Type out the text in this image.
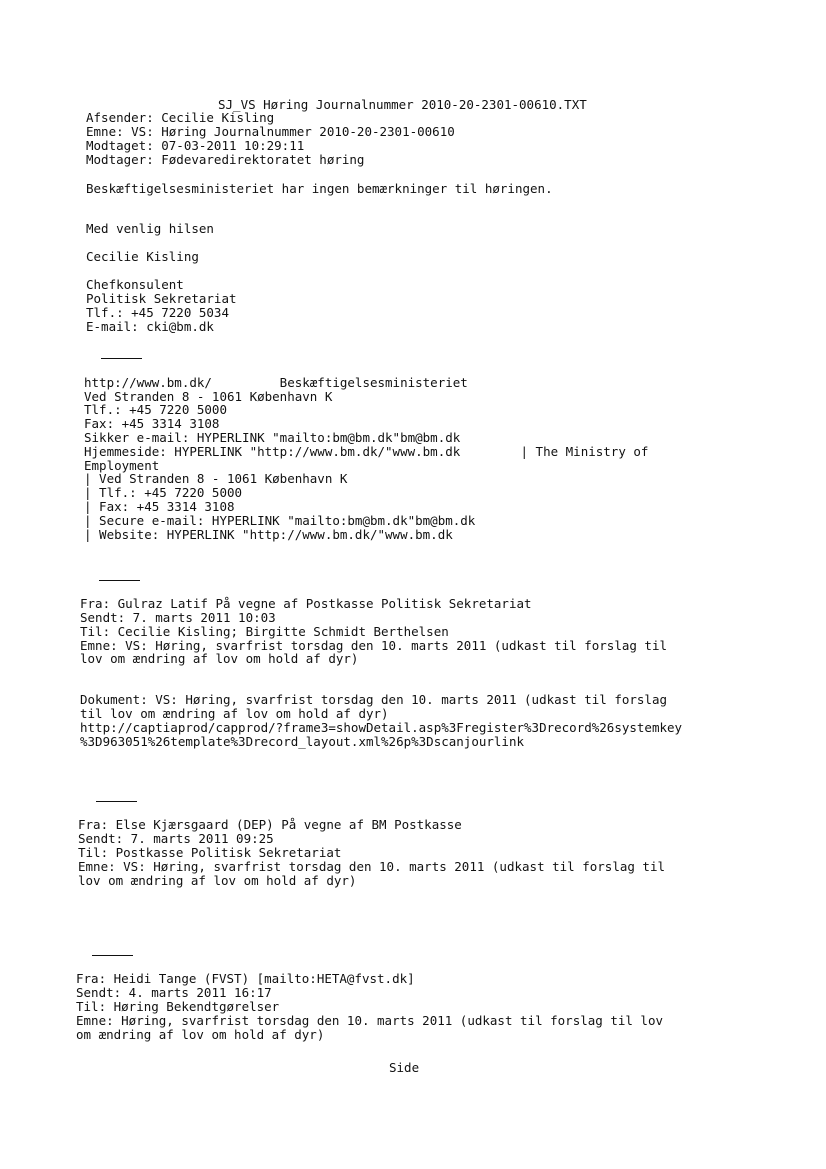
SJ_VS Høring Journalnummer 2010-20-2301-00610.TXT

Afsender: Cecilie Kisling

Emne: VS: Høring Journalnummer 2010-20-2301-00610

Modtaget: 07-03-2011 10:29:11

Modtager: Fødevaredirektoratet høring

Beskæftigelsesministeriet har ingen bemærkninger til høringen.

Med venlig hilsen

Cecilie Kisling

Chefkonsulent

Politisk Sekretariat

Tlf.: +45 7220 5034

E-mail: cki@bm.dk

http://www.bm.dk/         Beskæftigelsesministeriet

Ved Stranden 8 - 1061 København K

Tlf.: +45 7220 5000

Fax: +45 3314 3108

Sikker e-mail: HYPERLINK "mailto:bm@bm.dk"bm@bm.dk

Hjemmeside: HYPERLINK "http://www.bm.dk/"www.bm.dk        | The Ministry of

Employment

| Ved Stranden 8 - 1061 København K

| Tlf.: +45 7220 5000

| Fax: +45 3314 3108

| Secure e-mail: HYPERLINK "mailto:bm@bm.dk"bm@bm.dk

| Website: HYPERLINK "http://www.bm.dk/"www.bm.dk

Fra: Gulraz Latif På vegne af Postkasse Politisk Sekretariat

Sendt: 7. marts 2011 10:03

Til: Cecilie Kisling; Birgitte Schmidt Berthelsen

Emne: VS: Høring, svarfrist torsdag den 10. marts 2011 (udkast til forslag til

lov om ændring af lov om hold af dyr)

Dokument: VS: Høring, svarfrist torsdag den 10. marts 2011 (udkast til forslag

til lov om ændring af lov om hold af dyr)

http://captiaprod/capprod/?frame3=showDetail.asp%3Fregister%3Drecord%26systemkey

%3D963051%26template%3Drecord_layout.xml%26p%3Dscanjourlink

Fra: Else Kjærsgaard (DEP) På vegne af BM Postkasse

Sendt: 7. marts 2011 09:25

Til: Postkasse Politisk Sekretariat

Emne: VS: Høring, svarfrist torsdag den 10. marts 2011 (udkast til forslag til

lov om ændring af lov om hold af dyr)

Fra: Heidi Tange (FVST) [mailto:HETA@fvst.dk]

Sendt: 4. marts 2011 16:17

Til: Høring Bekendtgørelser

Emne: Høring, svarfrist torsdag den 10. marts 2011 (udkast til forslag til lov

om ændring af lov om hold af dyr)

Side
